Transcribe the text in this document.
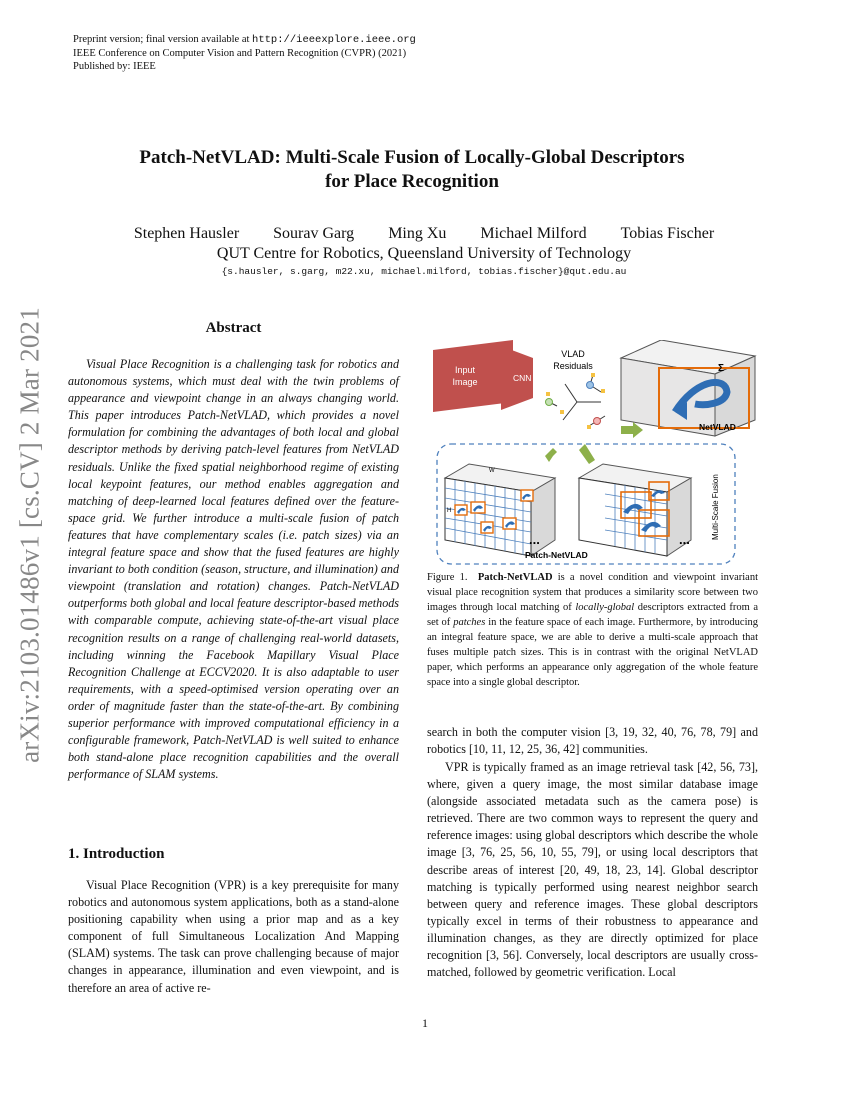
Preprint version; final version available at http://ieeexplore.ieee.org
IEEE Conference on Computer Vision and Pattern Recognition (CVPR) (2021)
Published by: IEEE
arXiv:2103.01486v1 [cs.CV] 2 Mar 2021
Patch-NetVLAD: Multi-Scale Fusion of Locally-Global Descriptors
for Place Recognition
Stephen Hausler Sourav Garg Ming Xu Michael Milford Tobias Fischer
QUT Centre for Robotics, Queensland University of Technology
{s.hausler, s.garg, m22.xu, michael.milford, tobias.fischer}@qut.edu.au
Abstract

Visual Place Recognition is a challenging task for robotics and autonomous systems, which must deal with the twin problems of appearance and viewpoint change in an always changing world. This paper introduces Patch-NetVLAD, which provides a novel formulation for combining the advantages of both local and global descriptor methods by deriving patch-level features from NetVLAD residuals. Unlike the fixed spatial neighborhood regime of existing local keypoint features, our method enables aggregation and matching of deep-learned local features defined over the feature-space grid. We further introduce a multi-scale fusion of patch features that have complementary scales (i.e. patch sizes) via an integral feature space and show that the fused features are highly invariant to both condition (season, structure, and illumination) and viewpoint (translation and rotation) changes. Patch-NetVLAD outperforms both global and local feature descriptor-based methods with comparable compute, achieving state-of-the-art visual place recognition results on a range of challenging real-world datasets, including winning the Facebook Mapillary Visual Place Recognition Challenge at ECCV2020. It is also adaptable to user requirements, with a speed-optimised version operating over an order of magnitude faster than the state-of-the-art. By combining superior performance with improved computational efficiency in a configurable framework, Patch-NetVLAD is well suited to enhance both stand-alone place recognition capabilities and the overall performance of SLAM systems.

1. Introduction

Visual Place Recognition (VPR) is a key prerequisite for many robotics and autonomous system applications, both as a stand-alone positioning capability when using a prior map and as a key component of full Simultaneous Localization And Mapping (SLAM) systems. The task can prove challenging because of major changes in appearance, illumination and even viewpoint, and is therefore an area of active re-

Input
Image	CNN
VLAD
Residuals	Σ
NetVLAD
W
H
...	...
Patch-NetVLAD
Multi-Scale Fusion

Figure 1. Patch-NetVLAD is a novel condition and viewpoint invariant visual place recognition system that produces a similarity score between two images through local matching of locally-global descriptors extracted from a set of patches in the feature space of each image. Furthermore, by introducing an integral feature space, we are able to derive a multi-scale approach that fuses multiple patch sizes. This is in contrast with the original NetVLAD paper, which performs an appearance only aggregation of the whole feature space into a single global descriptor.

search in both the computer vision [3, 19, 32, 40, 76, 78, 79] and robotics [10, 11, 12, 25, 36, 42] communities.

VPR is typically framed as an image retrieval task [42, 56, 73], where, given a query image, the most similar database image (alongside associated metadata such as the camera pose) is retrieved. There are two common ways to represent the query and reference images: using global descriptors which describe the whole image [3, 76, 25, 56, 10, 55, 79], or using local descriptors that describe areas of interest [20, 49, 18, 23, 14]. Global descriptor matching is typically performed using nearest neighbor search between query and reference images. These global descriptors typically excel in terms of their robustness to appearance and illumination changes, as they are directly optimized for place recognition [3, 56]. Conversely, local descriptors are usually cross-matched, followed by geometric verification. Local

1
